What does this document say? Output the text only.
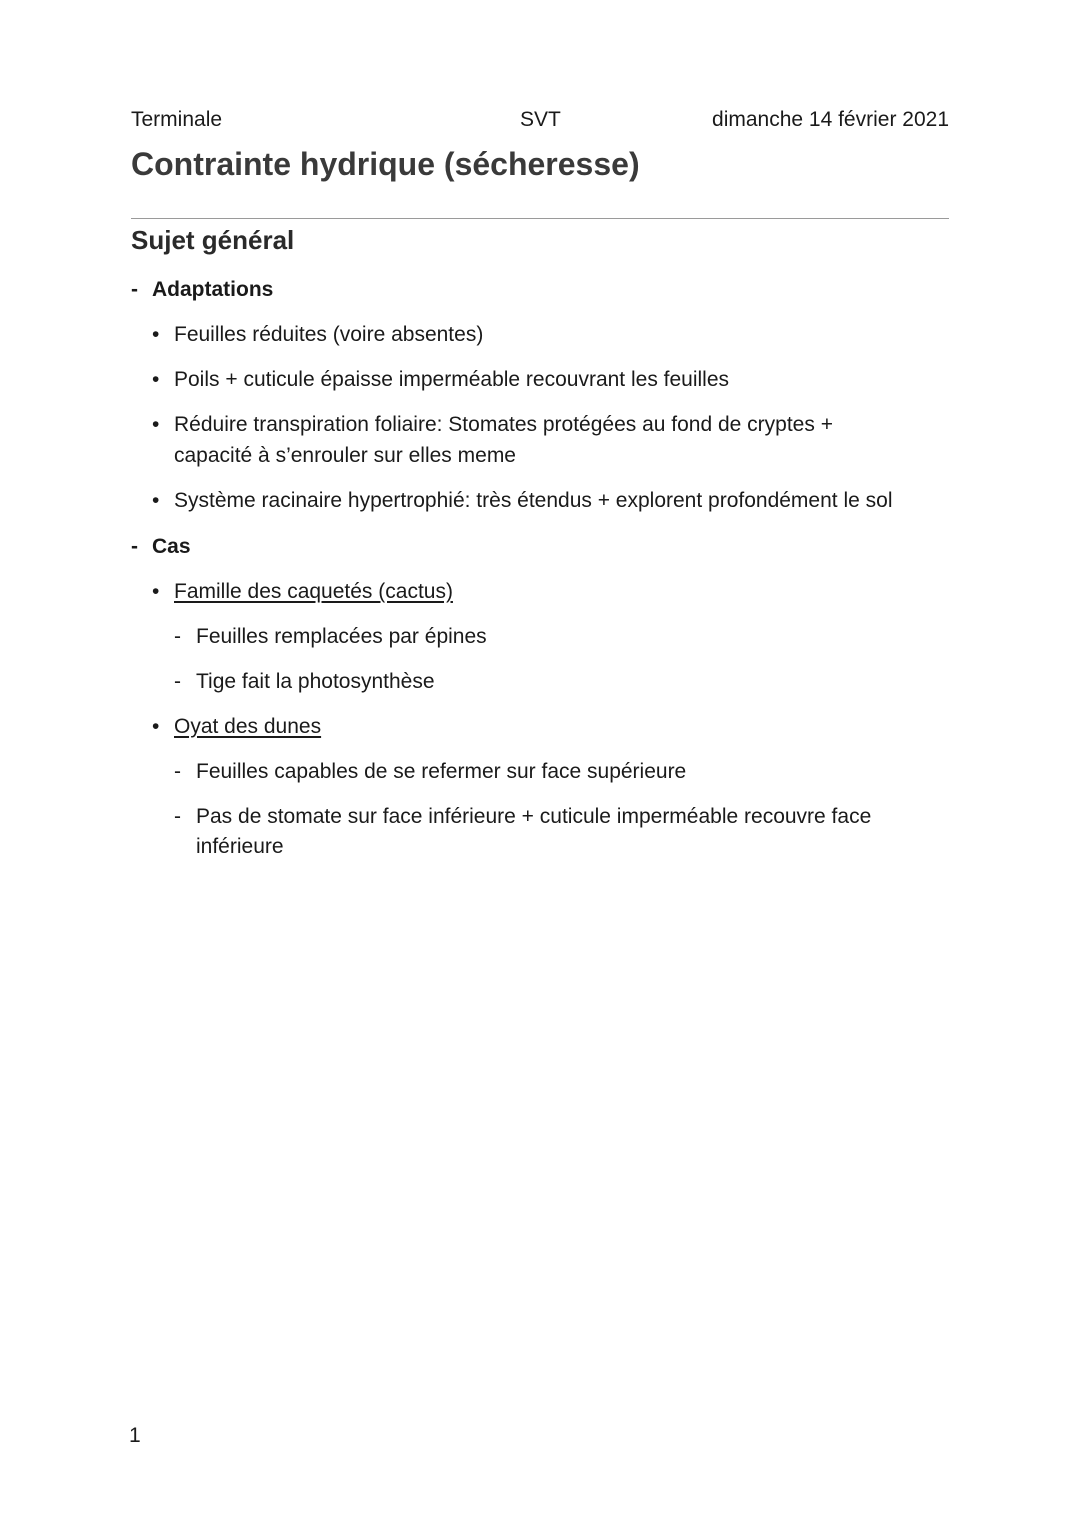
Terminale	SVT	dimanche 14 février 2021
Contrainte hydrique (sécheresse)
Sujet général
- Adaptations
• Feuilles réduites (voire absentes)
• Poils + cuticule épaisse imperméable recouvrant les feuilles
• Réduire transpiration foliaire: Stomates protégées au fond de cryptes +
capacité à s’enrouler sur elles meme
• Système racinaire hypertrophié: très étendus + explorent profondément le sol
- Cas
• Famille des caquetés (cactus)
- Feuilles remplacées par épines
- Tige fait la photosynthèse
• Oyat des dunes
- Feuilles capables de se refermer sur face supérieure
- Pas de stomate sur face inférieure + cuticule imperméable recouvre face
inférieure
1
